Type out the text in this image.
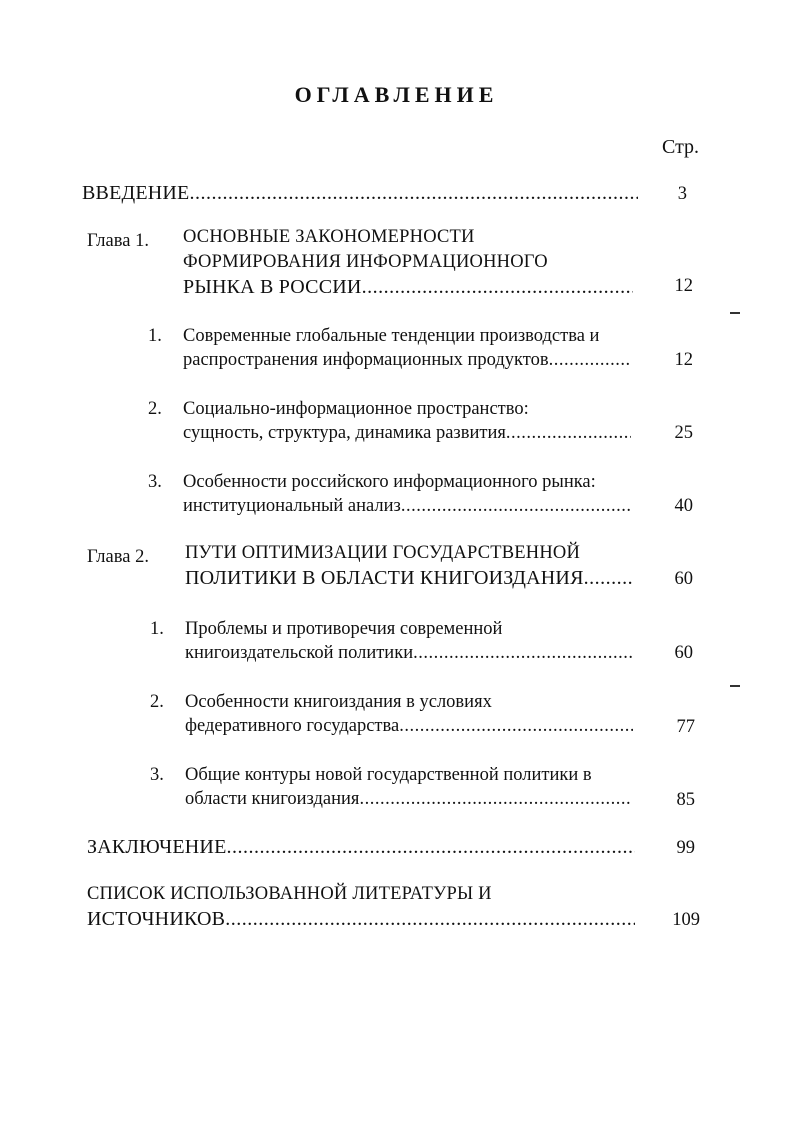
ОГЛАВЛЕНИЕ
Стр.
ВВЕДЕНИЕ .....	3
Глава 1. ОСНОВНЫЕ ЗАКОНОМЕРНОСТИ
ФОРМИРОВАНИЯ ИНФОРМАЦИОННОГО
РЫНКА В РОССИИ .....	12
1. Современные глобальные тенденции производства и
распространения информационных продуктов .....	12
2. Социально-информационное пространство:
сущность, структура, динамика развития .....	25
3. Особенности российского информационного рынка:
институциональный анализ .....	40
Глава 2. ПУТИ ОПТИМИЗАЦИИ ГОСУДАРСТВЕННОЙ
ПОЛИТИКИ В ОБЛАСТИ КНИГОИЗДАНИЯ .....	60
1. Проблемы и противоречия современной
книгоиздательской политики .....	60
2. Особенности книгоиздания в условиях
федеративного государства .....	77
3. Общие контуры новой государственной политики в
области книгоиздания .....	85
ЗАКЛЮЧЕНИЕ .....	99
СПИСОК ИСПОЛЬЗОВАННОЙ ЛИТЕРАТУРЫ И
ИСТОЧНИКОВ .....	109
